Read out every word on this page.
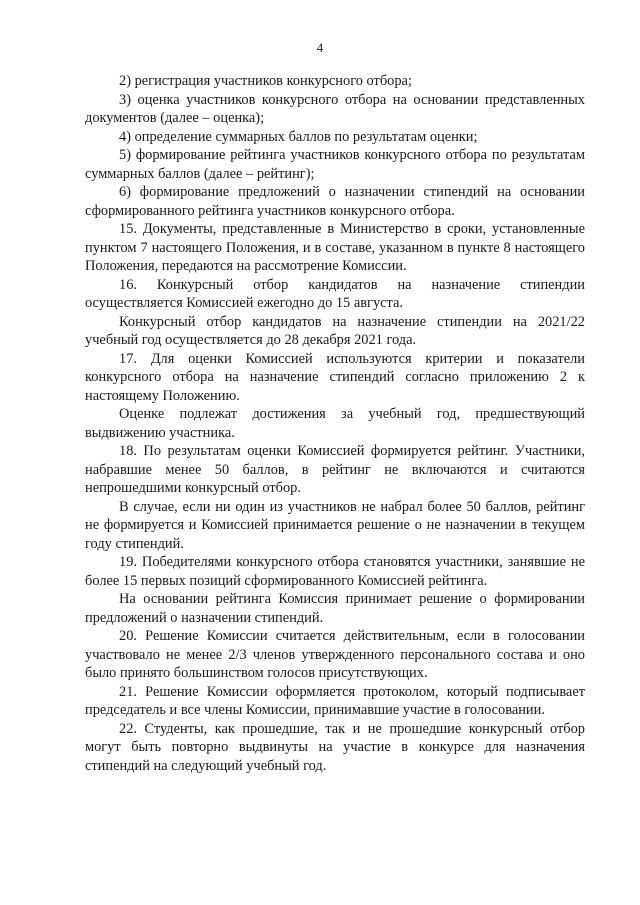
4

2) регистрация участников конкурсного отбора;

3) оценка участников конкурсного отбора на основании представленных документов (далее – оценка);

4) определение суммарных баллов по результатам оценки;

5) формирование рейтинга участников конкурсного отбора по результатам суммарных баллов (далее – рейтинг);

6) формирование предложений о назначении стипендий на основании сформированного рейтинга участников конкурсного отбора.

15. Документы, представленные в Министерство в сроки, установленные пунктом 7 настоящего Положения, и в составе, указанном в пункте 8 настоящего Положения, передаются на рассмотрение Комиссии.

16. Конкурсный отбор кандидатов на назначение стипендии осуществляется Комиссией ежегодно до 15 августа.

Конкурсный отбор кандидатов на назначение стипендии на 2021/22 учебный год осуществляется до 28 декабря 2021 года.

17. Для оценки Комиссией используются критерии и показатели конкурсного отбора на назначение стипендий согласно приложению 2 к настоящему Положению.

Оценке подлежат достижения за учебный год, предшествующий выдвижению участника.

18. По результатам оценки Комиссией формируется рейтинг. Участники, набравшие менее 50 баллов, в рейтинг не включаются и считаются непрошедшими конкурсный отбор.

В случае, если ни один из участников не набрал более 50 баллов, рейтинг не формируется и Комиссией принимается решение о не назначении в текущем году стипендий.

19. Победителями конкурсного отбора становятся участники, занявшие не более 15 первых позиций сформированного Комиссией рейтинга.

На основании рейтинга Комиссия принимает решение о формировании предложений о назначении стипендий.

20. Решение Комиссии считается действительным, если в голосовании участвовало не менее 2/3 членов утвержденного персонального состава и оно было принято большинством голосов присутствующих.

21. Решение Комиссии оформляется протоколом, который подписывает председатель и все члены Комиссии, принимавшие участие в голосовании.

22. Студенты, как прошедшие, так и не прошедшие конкурсный отбор могут быть повторно выдвинуты на участие в конкурсе для назначения стипендий на следующий учебный год.
